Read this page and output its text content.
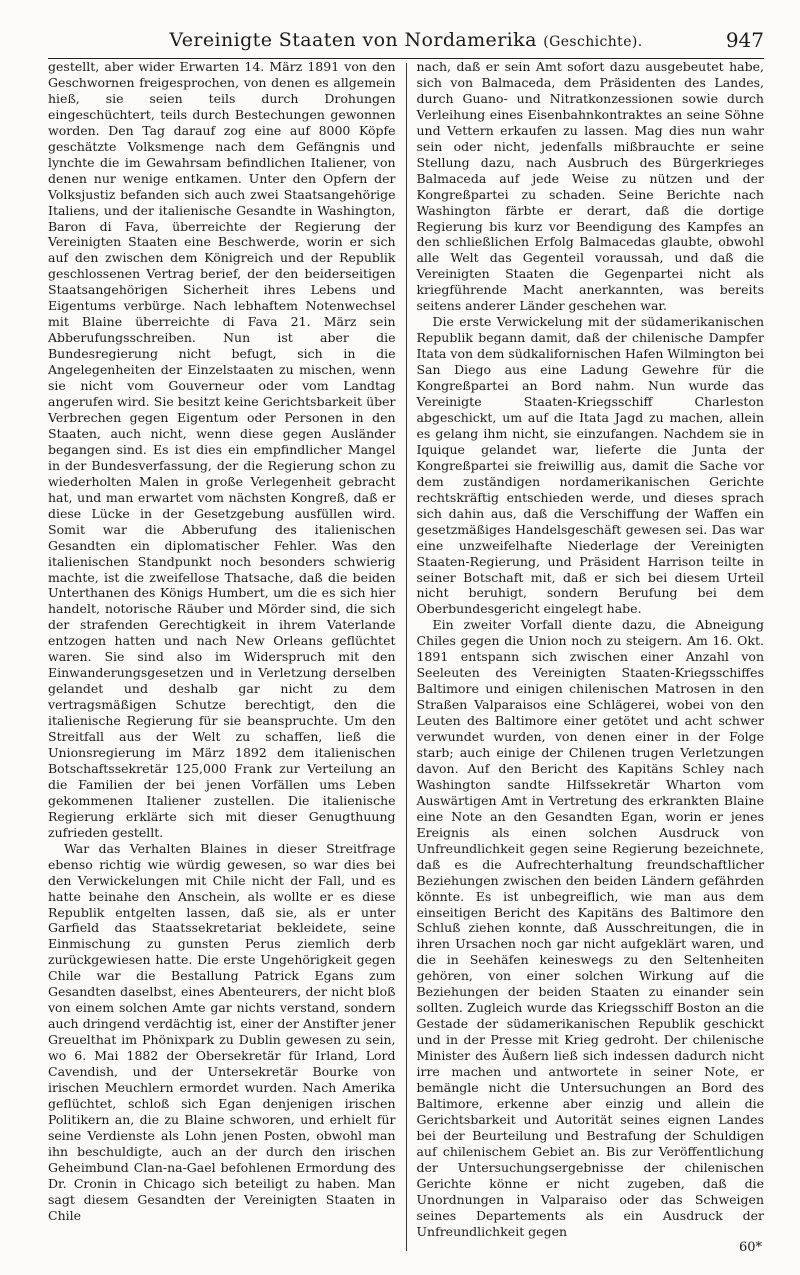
Vereinigte Staaten von Nordamerika (Geschichte).	947

gestellt, aber wider Erwarten 14. März 1891 von den Geschwornen freigesprochen, von denen es allgemein hieß, sie seien teils durch Drohungen eingeschüchtert, teils durch Bestechungen gewonnen worden. Den Tag darauf zog eine auf 8000 Köpfe geschätzte Volksmenge nach dem Gefängnis und lynchte die im Gewahrsam befindlichen Italiener, von denen nur wenige entkamen. Unter den Opfern der Volksjustiz befanden sich auch zwei Staatsangehörige Italiens, und der italienische Gesandte in Washington, Baron di Fava, überreichte der Regierung der Vereinigten Staaten eine Beschwerde, worin er sich auf den zwischen dem Königreich und der Republik geschlossenen Vertrag berief, der den beiderseitigen Staatsangehörigen Sicherheit ihres Lebens und Eigentums verbürge. Nach lebhaftem Notenwechsel mit Blaine überreichte di Fava 21. März sein Abberufungsschreiben. Nun ist aber die Bundesregierung nicht befugt, sich in die Angelegenheiten der Einzelstaaten zu mischen, wenn sie nicht vom Gouverneur oder vom Landtag angerufen wird. Sie besitzt keine Gerichtsbarkeit über Verbrechen gegen Eigentum oder Personen in den Staaten, auch nicht, wenn diese gegen Ausländer begangen sind. Es ist dies ein empfindlicher Mangel in der Bundesverfassung, der die Regierung schon zu wiederholten Malen in große Verlegenheit gebracht hat, und man erwartet vom nächsten Kongreß, daß er diese Lücke in der Gesetzgebung ausfüllen wird. Somit war die Abberufung des italienischen Gesandten ein diplomatischer Fehler. Was den italienischen Standpunkt noch besonders schwierig machte, ist die zweifellose Thatsache, daß die beiden Unterthanen des Königs Humbert, um die es sich hier handelt, notorische Räuber und Mörder sind, die sich der strafenden Gerechtigkeit in ihrem Vaterlande entzogen hatten und nach New Orleans geflüchtet waren. Sie sind also im Widerspruch mit den Einwanderungsgesetzen und in Verletzung derselben gelandet und deshalb gar nicht zu dem vertragsmäßigen Schutze berechtigt, den die italienische Regierung für sie beanspruchte. Um den Streitfall aus der Welt zu schaffen, ließ die Unionsregierung im März 1892 dem italienischen Botschaftssekretär 125,000 Frank zur Verteilung an die Familien der bei jenen Vorfällen ums Leben gekommenen Italiener zustellen. Die italienische Regierung erklärte sich mit dieser Genugthuung zufrieden gestellt.

War das Verhalten Blaines in dieser Streitfrage ebenso richtig wie würdig gewesen, so war dies bei den Verwickelungen mit Chile nicht der Fall, und es hatte beinahe den Anschein, als wollte er es diese Republik entgelten lassen, daß sie, als er unter Garfield das Staatssekretariat bekleidete, seine Einmischung zu gunsten Perus ziemlich derb zurückgewiesen hatte. Die erste Ungehörigkeit gegen Chile war die Bestallung Patrick Egans zum Gesandten daselbst, eines Abenteurers, der nicht bloß von einem solchen Amte gar nichts verstand, sondern auch dringend verdächtig ist, einer der Anstifter jener Greuelthat im Phönixpark zu Dublin gewesen zu sein, wo 6. Mai 1882 der Obersekretär für Irland, Lord Cavendish, und der Untersekretär Bourke von irischen Meuchlern ermordet wurden. Nach Amerika geflüchtet, schloß sich Egan denjenigen irischen Politikern an, die zu Blaine schworen, und erhielt für seine Verdienste als Lohn jenen Posten, obwohl man ihn beschuldigte, auch an der durch den irischen Geheimbund Clan-na-Gael befohlenen Ermordung des Dr. Cronin in Chicago sich beteiligt zu haben. Man sagt diesem Gesandten der Vereinigten Staaten in Chile

nach, daß er sein Amt sofort dazu ausgebeutet habe, sich von Balmaceda, dem Präsidenten des Landes, durch Guano- und Nitratkonzessionen sowie durch Verleihung eines Eisenbahnkontraktes an seine Söhne und Vettern erkaufen zu lassen. Mag dies nun wahr sein oder nicht, jedenfalls mißbrauchte er seine Stellung dazu, nach Ausbruch des Bürgerkrieges Balmaceda auf jede Weise zu nützen und der Kongreßpartei zu schaden. Seine Berichte nach Washington färbte er derart, daß die dortige Regierung bis kurz vor Beendigung des Kampfes an den schließlichen Erfolg Balmacedas glaubte, obwohl alle Welt das Gegenteil voraussah, und daß die Vereinigten Staaten die Gegenpartei nicht als kriegführende Macht anerkannten, was bereits seitens anderer Länder geschehen war.

Die erste Verwickelung mit der südamerikanischen Republik begann damit, daß der chilenische Dampfer Itata von dem südkalifornischen Hafen Wilmington bei San Diego aus eine Ladung Gewehre für die Kongreßpartei an Bord nahm. Nun wurde das Vereinigte Staaten-Kriegsschiff Charleston abgeschickt, um auf die Itata Jagd zu machen, allein es gelang ihm nicht, sie einzufangen. Nachdem sie in Iquique gelandet war, lieferte die Junta der Kongreßpartei sie freiwillig aus, damit die Sache vor dem zuständigen nordamerikanischen Gerichte rechtskräftig entschieden werde, und dieses sprach sich dahin aus, daß die Verschiffung der Waffen ein gesetzmäßiges Handelsgeschäft gewesen sei. Das war eine unzweifelhafte Niederlage der Vereinigten Staaten-Regierung, und Präsident Harrison teilte in seiner Botschaft mit, daß er sich bei diesem Urteil nicht beruhigt, sondern Berufung bei dem Oberbundesgericht eingelegt habe.

Ein zweiter Vorfall diente dazu, die Abneigung Chiles gegen die Union noch zu steigern. Am 16. Okt. 1891 entspann sich zwischen einer Anzahl von Seeleuten des Vereinigten Staaten-Kriegsschiffes Baltimore und einigen chilenischen Matrosen in den Straßen Valparaisos eine Schlägerei, wobei von den Leuten des Baltimore einer getötet und acht schwer verwundet wurden, von denen einer in der Folge starb; auch einige der Chilenen trugen Verletzungen davon. Auf den Bericht des Kapitäns Schley nach Washington sandte Hilfssekretär Wharton vom Auswärtigen Amt in Vertretung des erkrankten Blaine eine Note an den Gesandten Egan, worin er jenes Ereignis als einen solchen Ausdruck von Unfreundlichkeit gegen seine Regierung bezeichnete, daß es die Aufrechterhaltung freundschaftlicher Beziehungen zwischen den beiden Ländern gefährden könnte. Es ist unbegreiflich, wie man aus dem einseitigen Bericht des Kapitäns des Baltimore den Schluß ziehen konnte, daß Ausschreitungen, die in ihren Ursachen noch gar nicht aufgeklärt waren, und die in Seehäfen keineswegs zu den Seltenheiten gehören, von einer solchen Wirkung auf die Beziehungen der beiden Staaten zu einander sein sollten. Zugleich wurde das Kriegsschiff Boston an die Gestade der südamerikanischen Republik geschickt und in der Presse mit Krieg gedroht. Der chilenische Minister des Äußern ließ sich indessen dadurch nicht irre machen und antwortete in seiner Note, er bemängle nicht die Untersuchungen an Bord des Baltimore, erkenne aber einzig und allein die Gerichtsbarkeit und Autorität seines eignen Landes bei der Beurteilung und Bestrafung der Schuldigen auf chilenischem Gebiet an. Bis zur Veröffentlichung der Untersuchungsergebnisse der chilenischen Gerichte könne er nicht zugeben, daß die Unordnungen in Valparaiso oder das Schweigen seines Departements als ein Ausdruck der Unfreundlichkeit gegen

60*
